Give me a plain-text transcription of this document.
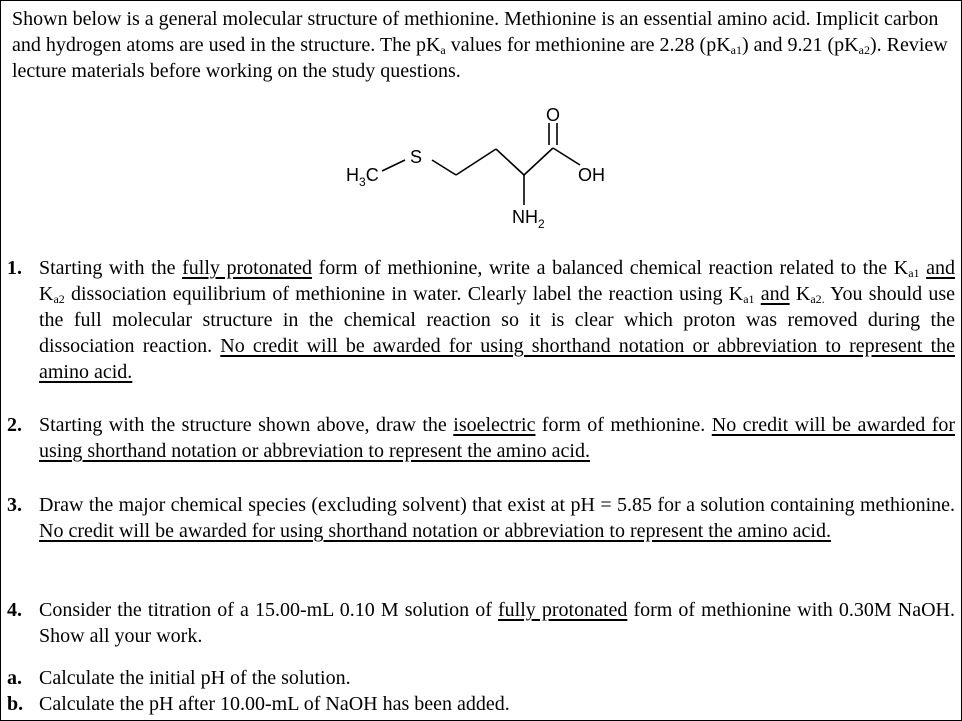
Shown below is a general molecular structure of methionine. Methionine is an essential amino acid. Implicit carbon and hydrogen atoms are used in the structure. The $pK_a$ values for methionine are 2.28 $(pK_{a1})$ and 9.21 $(pK_{a2})$. Review lecture materials before working on the study questions.
$H_3C$
S
O
OH
$NH_2$
1. Starting with the fully protonated form of methionine, write a balanced chemical reaction related to the $K_{a1}$ and $K_{a2}$ dissociation equilibrium of methionine in water. Clearly label the reaction using $K_{a1}$ and $K_{a2.}$ You should use the full molecular structure in the chemical reaction so it is clear which proton was removed during the dissociation reaction. No credit will be awarded for using shorthand notation or abbreviation to represent the amino acid.
2. Starting with the structure shown above, draw the isoelectric form of methionine. No credit will be awarded for using shorthand notation or abbreviation to represent the amino acid.
3. Draw the major chemical species (excluding solvent) that exist at pH = 5.85 for a solution containing methionine. No credit will be awarded for using shorthand notation or abbreviation to represent the amino acid.
4. Consider the titration of a 15.00-mL 0.10 M solution of fully protonated form of methionine with 0.30M NaOH. Show all your work.
a. Calculate the initial pH of the solution.
b. Calculate the pH after 10.00-mL of NaOH has been added.
